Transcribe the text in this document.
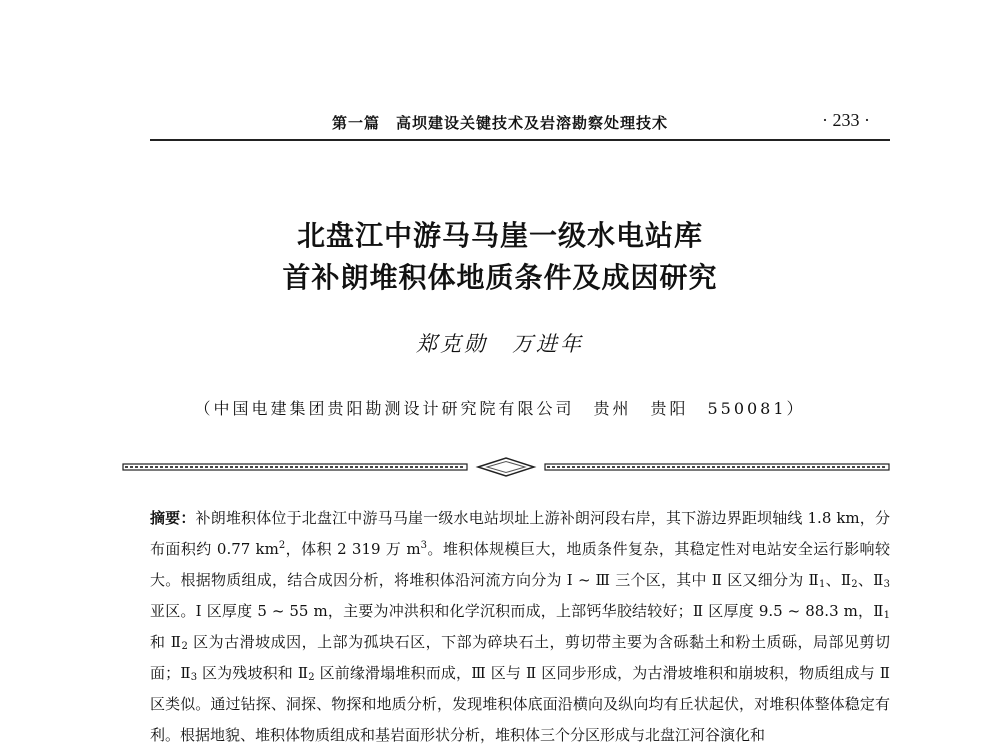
第一篇　高坝建设关键技术及岩溶勘察处理技术	· 233 ·
北盘江中游马马崖一级水电站库
首补朗堆积体地质条件及成因研究
郑克勋　万进年
（中国电建集团贵阳勘测设计研究院有限公司　贵州　贵阳　550081）
摘要：补朗堆积体位于北盘江中游马马崖一级水电站坝址上游补朗河段右岸，其下游边界距坝轴线 1.8 km，分布面积约 0.77 $km^2$，体积 2 319 万 $m^3$。堆积体规模巨大，地质条件复杂，其稳定性对电站安全运行影响较大。根据物质组成，结合成因分析，将堆积体沿河流方向分为 Ⅰ ~ Ⅲ 三个区，其中 Ⅱ 区又细分为 $Ⅱ_1$、$Ⅱ_2$、$Ⅱ_3$ 亚区。Ⅰ 区厚度 5 ~ 55 m，主要为冲洪积和化学沉积而成，上部钙华胶结较好；Ⅱ 区厚度 9.5 ~ 88.3 m，$Ⅱ_1$ 和 $Ⅱ_2$ 区为古滑坡成因，上部为孤块石区，下部为碎块石土，剪切带主要为含砾黏土和粉土质砾，局部见剪切面；$Ⅱ_3$ 区为残坡积和 $Ⅱ_2$ 区前缘滑塌堆积而成，Ⅲ 区与 Ⅱ 区同步形成，为古滑坡堆积和崩坡积，物质组成与 Ⅱ 区类似。通过钻探、洞探、物探和地质分析，发现堆积体底面沿横向及纵向均有丘状起伏，对堆积体整体稳定有利。根据地貌、堆积体物质组成和基岩面形状分析，堆积体三个分区形成与北盘江河谷演化和
